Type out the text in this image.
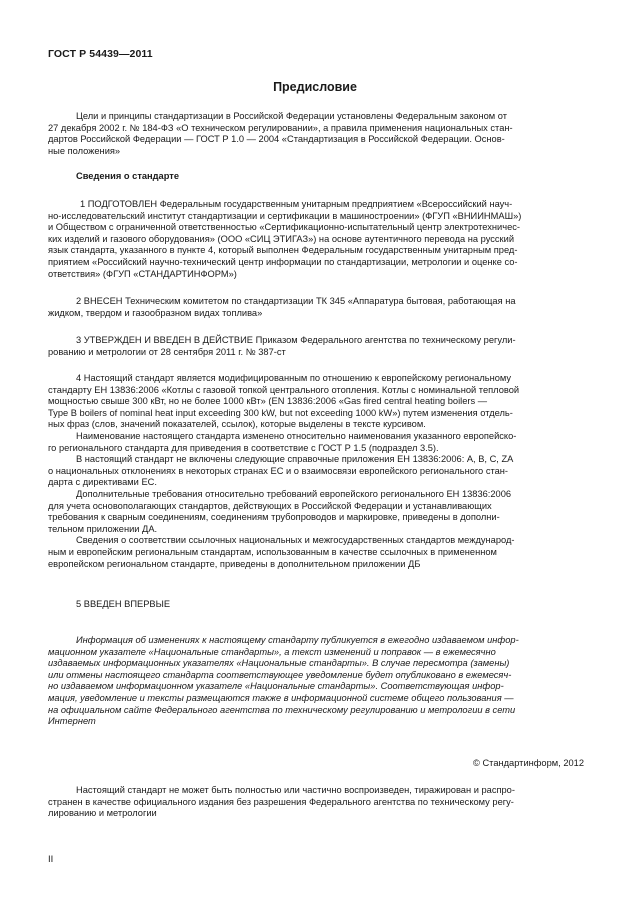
ГОСТ Р 54439—2011
Предисловие
Цели и принципы стандартизации в Российской Федерации установлены Федеральным законом от
27 декабря 2002 г. № 184-ФЗ «О техническом регулировании», а правила применения национальных стан-
дартов Российской Федерации — ГОСТ Р 1.0 — 2004 «Стандартизация в Российской Федерации. Основ-
ные положения»
Сведения о стандарте
1 ПОДГОТОВЛЕН Федеральным государственным унитарным предприятием «Всероссийский науч-
но-исследовательский институт стандартизации и сертификации в машиностроении» (ФГУП «ВНИИНМАШ»)
и Обществом с ограниченной ответственностью «Сертификационно-испытательный центр электротехничес-
ких изделий и газового оборудования» (ООО «СИЦ ЭТИГАЗ») на основе аутентичного перевода на русский
язык стандарта, указанного в пункте 4, который выполнен Федеральным государственным унитарным пред-
приятием «Российский научно-технический центр информации по стандартизации, метрологии и оценке со-
ответствия» (ФГУП «СТАНДАРТИНФОРМ»)
2 ВНЕСЕН Техническим комитетом по стандартизации ТК 345 «Аппаратура бытовая, работающая на
жидком, твердом и газообразном видах топлива»
3 УТВЕРЖДЕН И ВВЕДЕН В ДЕЙСТВИЕ Приказом Федерального агентства по техническому регули-
рованию и метрологии от 28 сентября 2011 г. № 387-ст
4 Настоящий стандарт является модифицированным по отношению к европейскому региональному
стандарту ЕН 13836:2006 «Котлы с газовой топкой центрального отопления. Котлы с номинальной тепловой
мощностью свыше 300 кВт, но не более 1000 кВт» (EN 13836:2006 «Gas fired central heating boilers —
Type B boilers of nominal heat input exceeding 300 kW, but not exceeding 1000 kW») путем изменения отдель-
ных фраз (слов, значений показателей, ссылок), которые выделены в тексте курсивом.
Наименование настоящего стандарта изменено относительно наименования указанного европейско-
го регионального стандарта для приведения в соответствие с ГОСТ Р 1.5 (подраздел 3.5).
В настоящий стандарт не включены следующие справочные приложения ЕН 13836:2006: А, В, С, ZA
о национальных отклонениях в некоторых странах ЕС и о взаимосвязи европейского регионального стан-
дарта с директивами ЕС.
Дополнительные требования относительно требований европейского регионального ЕН 13836:2006
для учета основополагающих стандартов, действующих в Российской Федерации и устанавливающих
требования к сварным соединениям, соединениям трубопроводов и маркировке, приведены в дополни-
тельном приложении ДА.
Сведения о соответствии ссылочных национальных и межгосударственных стандартов международ-
ным и европейским региональным стандартам, использованным в качестве ссылочных в примененном
европейском региональном стандарте, приведены в дополнительном приложении ДБ
5 ВВЕДЕН ВПЕРВЫЕ
Информация об изменениях к настоящему стандарту публикуется в ежегодно издаваемом инфор-
мационном указателе «Национальные стандарты», а текст изменений и поправок — в ежемесячно
издаваемых информационных указателях «Национальные стандарты». В случае пересмотра (замены)
или отмены настоящего стандарта соответствующее уведомление будет опубликовано в ежемесяч-
но издаваемом информационном указателе «Национальные стандарты». Соответствующая инфор-
мация, уведомление и тексты размещаются также в информационной системе общего пользования —
на официальном сайте Федерального агентства по техническому регулированию и метрологии в сети
Интернет
© Стандартинформ, 2012
Настоящий стандарт не может быть полностью или частично воспроизведен, тиражирован и распро-
странен в качестве официального издания без разрешения Федерального агентства по техническому регу-
лированию и метрологии
II
